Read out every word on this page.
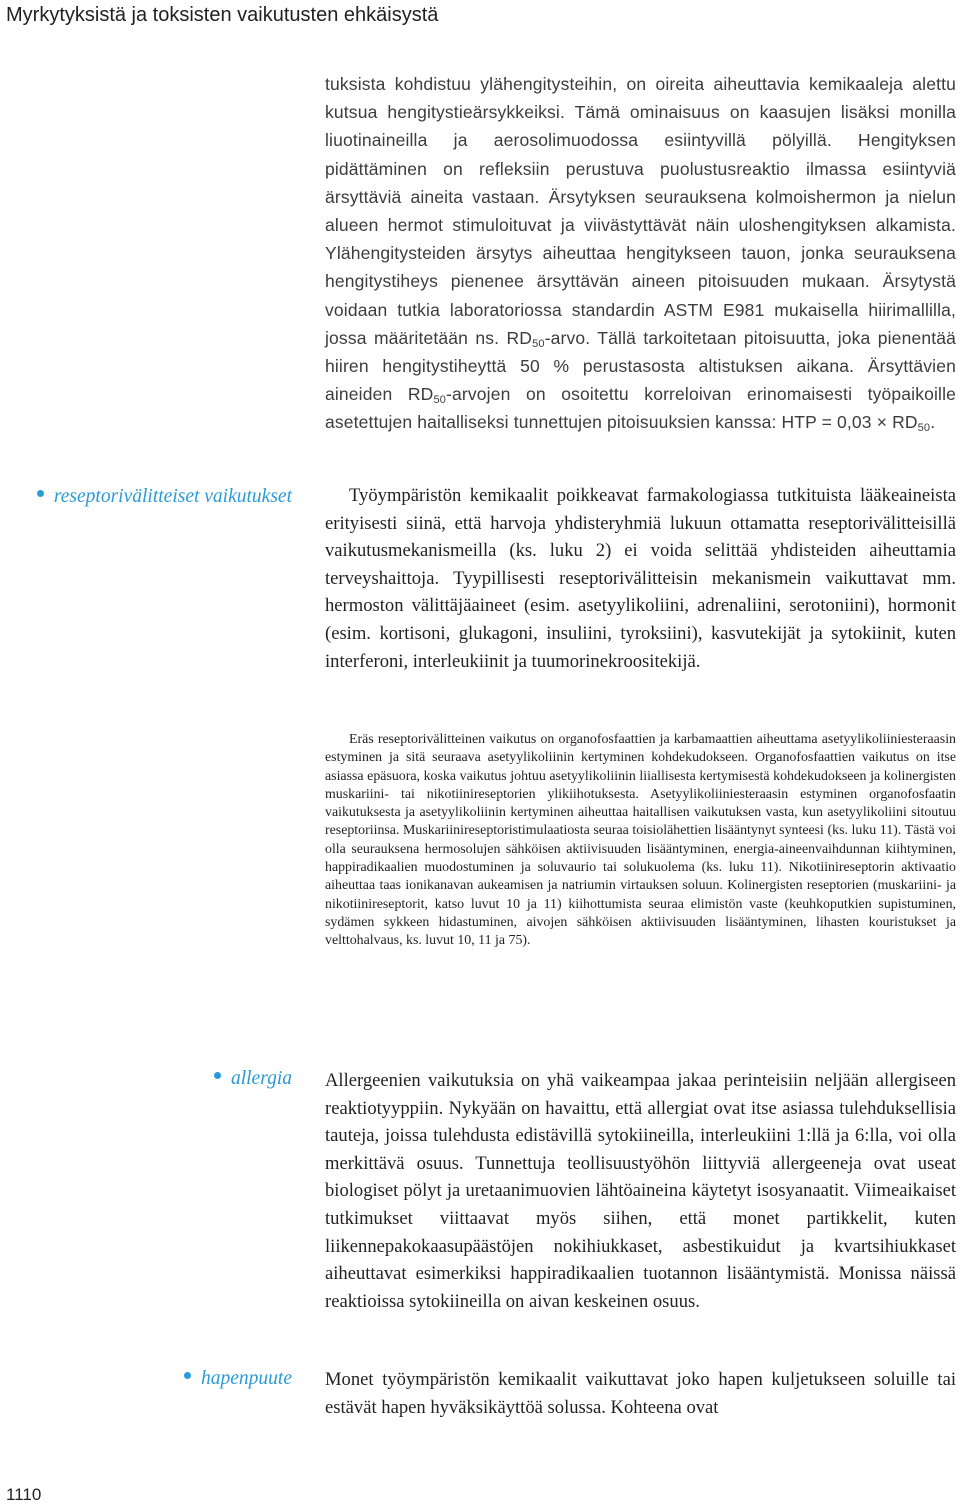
Myrkytyksistä ja toksisten vaikutusten ehkäisystä

tuksista kohdistuu ylähengitysteihin, on oireita aiheuttavia kemikaaleja alettu kutsua hengitystieärsykkeiksi. Tämä ominaisuus on kaasujen lisäksi monilla liuotinaineilla ja aerosolimuodossa esiintyvillä pölyillä. Hengityksen pidättäminen on refleksiin perustuva puolustusreaktio ilmassa esiintyviä ärsyttäviä aineita vastaan. Ärsytyksen seurauksena kolmoishermon ja nielun alueen hermot stimuloituvat ja viivästyttävät näin uloshengityksen alkamista. Ylähengitysteiden ärsytys aiheuttaa hengitykseen tauon, jonka seurauksena hengitystiheys pienenee ärsyttävän aineen pitoisuuden mukaan. Ärsytystä voidaan tutkia laboratoriossa standardin ASTM E981 mukaisella hiirimallilla, jossa määritetään ns. $RD_{50}$-arvo. Tällä tarkoitetaan pitoisuutta, joka pienentää hiiren hengitystiheyttä 50 % perustasosta altistuksen aikana. Ärsyttävien aineiden $RD_{50}$-arvojen on osoitettu korreloivan erinomaisesti työpaikoille asetettujen haitalliseksi tunnettujen pitoisuuksien kanssa: HTP = $0,03 \times RD_{50}$.

reseptorivälitteiset vaikutukset	Työympäristön kemikaalit poikkeavat farmakologiassa tutkituista lääkeaineista erityisesti siinä, että harvoja yhdisteryhmiä lukuun ottamatta reseptorivälitteisillä vaikutusmekanismeilla (ks. luku 2) ei voida selittää yhdisteiden aiheuttamia terveyshaittoja. Tyypillisesti reseptorivälitteisin mekanismein vaikuttavat mm. hermoston välittäjäaineet (esim. asetyylikoliini, adrenaliini, serotoniini), hormonit (esim. kortisoni, glukagoni, insuliini, tyroksiini), kasvutekijät ja sytokiinit, kuten interferoni, interleukiinit ja tuumorinekroositekijä.

Eräs reseptorivälitteinen vaikutus on organofosfaattien ja karbamaattien aiheuttama asetyylikoliiniesteraasin estyminen ja sitä seuraava asetyylikoliinin kertyminen kohdekudokseen. Organofosfaattien vaikutus on itse asiassa epäsuora, koska vaikutus johtuu asetyylikoliinin liiallisesta kertymisestä kohdekudokseen ja kolinergisten muskariini- tai nikotiinireseptorien ylikiihotuksesta. Asetyylikoliiniesteraasin estyminen organofosfaatin vaikutuksesta ja asetyylikoliinin kertyminen aiheuttaa haitallisen vaikutuksen vasta, kun asetyylikoliini sitoutuu reseptoriinsa. Muskariinireseptoristimulaatiosta seuraa toisiolähettien lisääntynyt synteesi (ks. luku 11). Tästä voi olla seurauksena hermosolujen sähköisen aktiivisuuden lisääntyminen, energia-aineenvaihdunnan kiihtyminen, happiradikaalien muodostuminen ja soluvaurio tai solukuolema (ks. luku 11). Nikotiinireseptorin aktivaatio aiheuttaa taas ionikanavan aukeamisen ja natriumin virtauksen soluun. Kolinergisten reseptorien (muskariini- ja nikotiinireseptorit, katso luvut 10 ja 11) kiihottumista seuraa elimistön vaste (keuhkoputkien supistuminen, sydämen sykkeen hidastuminen, aivojen sähköisen aktiivisuuden lisääntyminen, lihasten kouristukset ja velttohalvaus, ks. luvut 10, 11 ja 75).

allergia Allergeenien vaikutuksia on yhä vaikeampaa jakaa perinteisiin neljään allergiseen reaktiotyyppiin. Nykyään on havaittu, että allergiat ovat itse asiassa tulehduksellisia tauteja, joissa tulehdusta edistävillä sytokiineilla, interleukiini 1:llä ja 6:lla, voi olla merkittävä osuus. Tunnettuja teollisuustyöhön liittyviä allergeeneja ovat useat biologiset pölyt ja uretaanimuovien lähtöaineina käytetyt isosyanaatit. Viimeaikaiset tutkimukset viittaavat myös siihen, että monet partikkelit, kuten liikennepakokaasupäästöjen nokihiukkaset, asbestikuidut ja kvartsihiukkaset aiheuttavat esimerkiksi happiradikaalien tuotannon lisääntymistä. Monissa näissä reaktioissa sytokiineilla on aivan keskeinen osuus.

hapenpuute Monet työympäristön kemikaalit vaikuttavat joko hapen kuljetukseen soluille tai estävät hapen hyväksikäyttöä solussa. Kohteena ovat

1110
